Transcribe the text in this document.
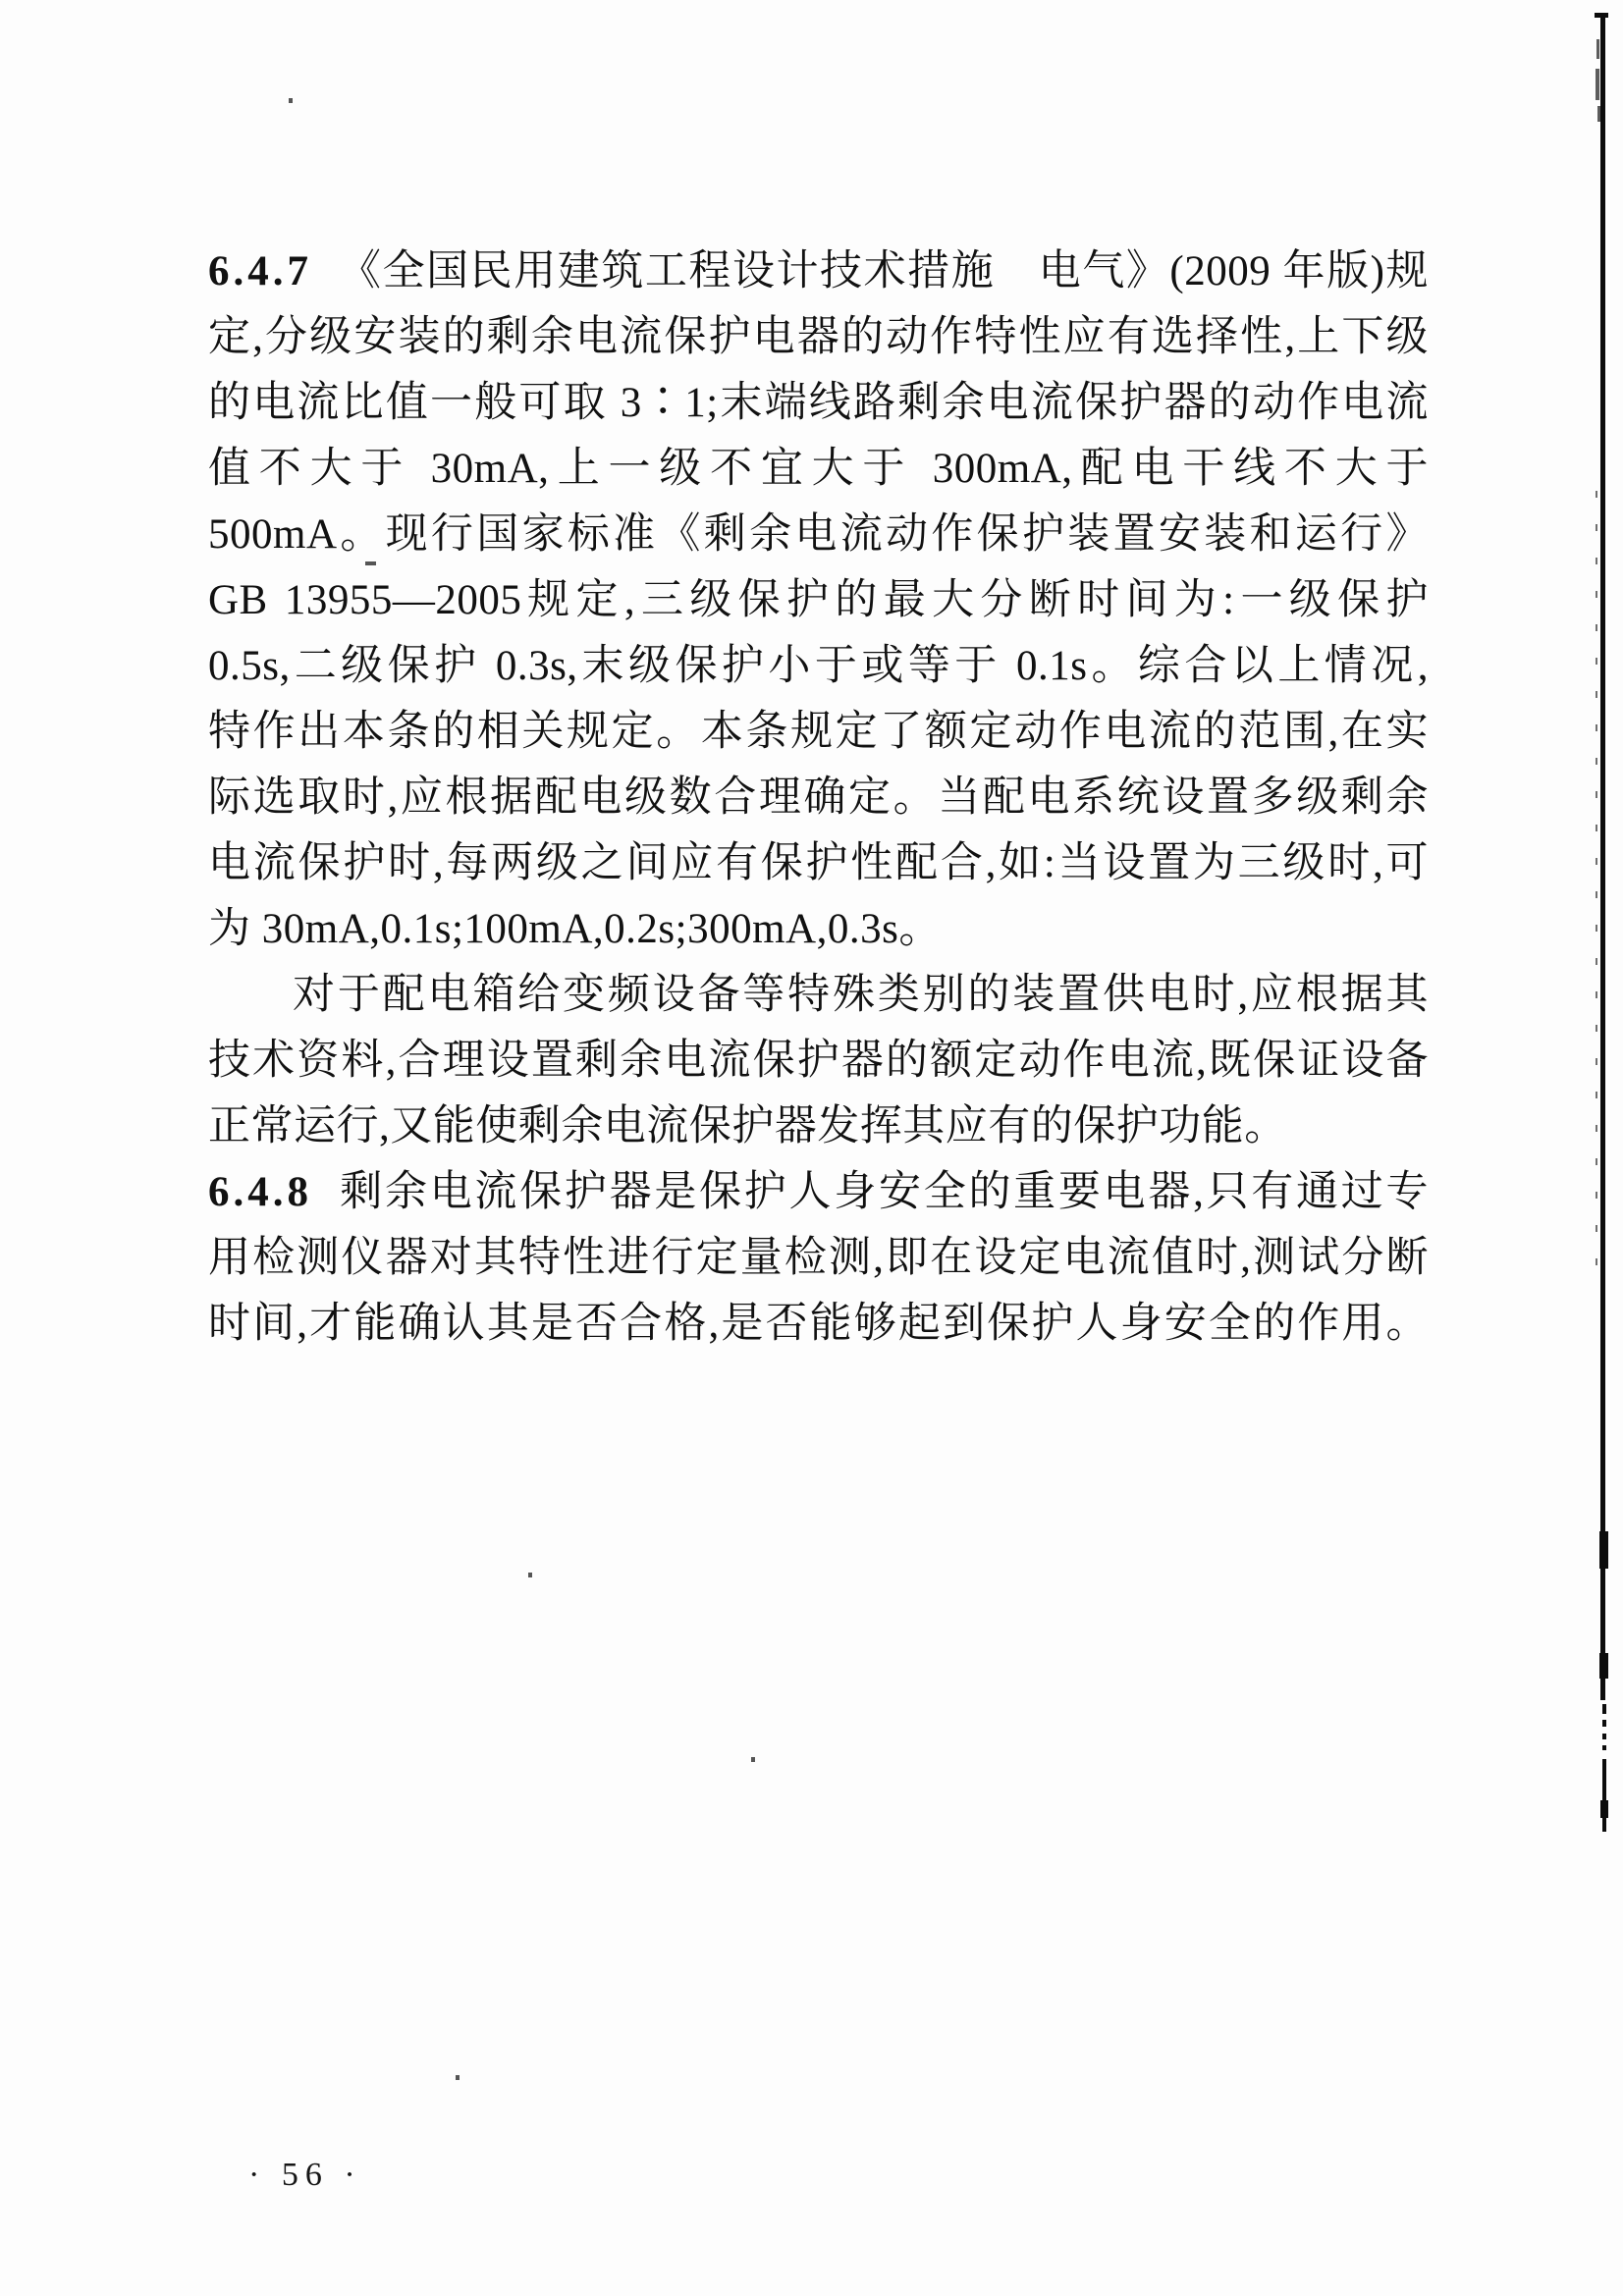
6.4.7 《全国民用建筑工程设计技术措施　电气》(2009 年版)规
定,分级安装的剩余电流保护电器的动作特性应有选择性,上下级
的电流比值一般可取 3∶1;末端线路剩余电流保护器的动作电流
值不大于 30mA,上一级不宜大于 300mA,配电干线不大于
500mA。现行国家标准《剩余电流动作保护装置安装和运行》
GB 13955—2005规定,三级保护的最大分断时间为:一级保护
0.5s,二级保护 0.3s,末级保护小于或等于 0.1s。综合以上情况,
特作出本条的相关规定。本条规定了额定动作电流的范围,在实
际选取时,应根据配电级数合理确定。当配电系统设置多级剩余
电流保护时,每两级之间应有保护性配合,如:当设置为三级时,可
为 30mA,0.1s;100mA,0.2s;300mA,0.3s。
对于配电箱给变频设备等特殊类别的装置供电时,应根据其
技术资料,合理设置剩余电流保护器的额定动作电流,既保证设备
正常运行,又能使剩余电流保护器发挥其应有的保护功能。
6.4.8 剩余电流保护器是保护人身安全的重要电器,只有通过专
用检测仪器对其特性进行定量检测,即在设定电流值时,测试分断
时间,才能确认其是否合格,是否能够起到保护人身安全的作用。
· 56 ·
